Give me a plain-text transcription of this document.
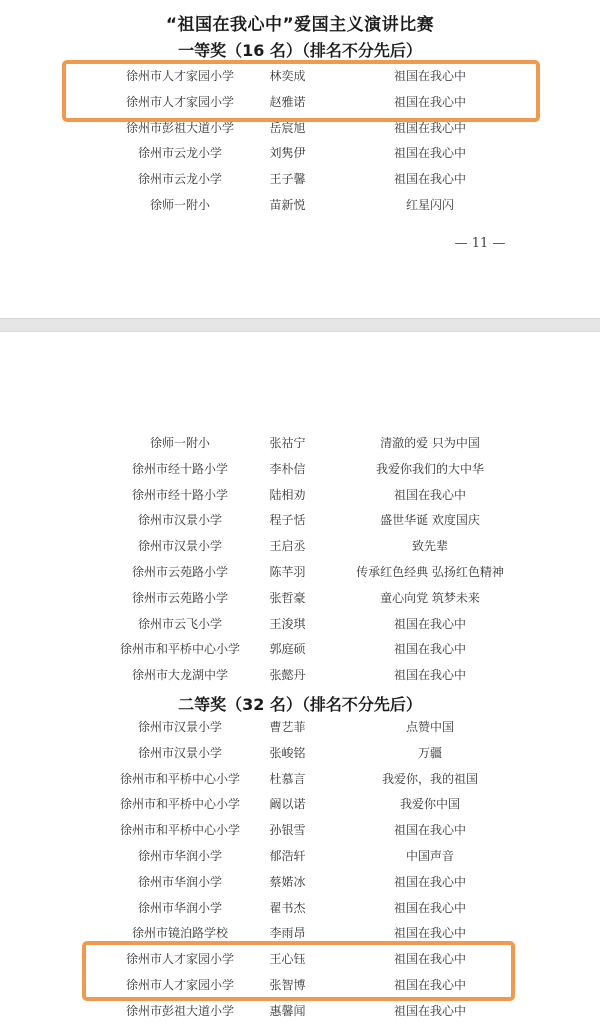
“祖国在我心中”爱国主义演讲比赛
一等奖（16 名）（排名不分先后）
徐州市人才家园小学	林奕成	祖国在我心中
徐州市人才家园小学	赵雅诺	祖国在我心中
徐州市彭祖大道小学	岳宸旭	祖国在我心中
徐州市云龙小学	刘隽伊	祖国在我心中
徐州市云龙小学	王子馨	祖国在我心中
徐师一附小	苗新悦	红星闪闪
— 11 —
徐师一附小	张祜宁	清澈的爱 只为中国
徐州市经十路小学	李朴信	我爱你我们的大中华
徐州市经十路小学	陆相劝	祖国在我心中
徐州市汉景小学	程子恬	盛世华诞 欢度国庆
徐州市汉景小学	王启丞	致先辈
徐州市云苑路小学	陈芊羽	传承红色经典 弘扬红色精神
徐州市云苑路小学	张哲豪	童心向党 筑梦未来
徐州市云飞小学	王浚琪	祖国在我心中
徐州市和平桥中心小学	郭庭硕	祖国在我心中
徐州市大龙湖中学	张懿丹	祖国在我心中
二等奖（32 名）（排名不分先后）
徐州市汉景小学	曹艺菲	点赞中国
徐州市汉景小学	张峻铭	万疆
徐州市和平桥中心小学	杜慕言	我爱你，我的祖国
徐州市和平桥中心小学	阚以诺	我爱你中国
徐州市和平桥中心小学	孙银雪	祖国在我心中
徐州市华润小学	郁浩轩	中国声音
徐州市华润小学	蔡婼冰	祖国在我心中
徐州市华润小学	翟书杰	祖国在我心中
徐州市镜泊路学校	李雨昂	祖国在我心中
徐州市人才家园小学	王心钰	祖国在我心中
徐州市人才家园小学	张智博	祖国在我心中
徐州市彭祖大道小学	惠馨闻	祖国在我心中
